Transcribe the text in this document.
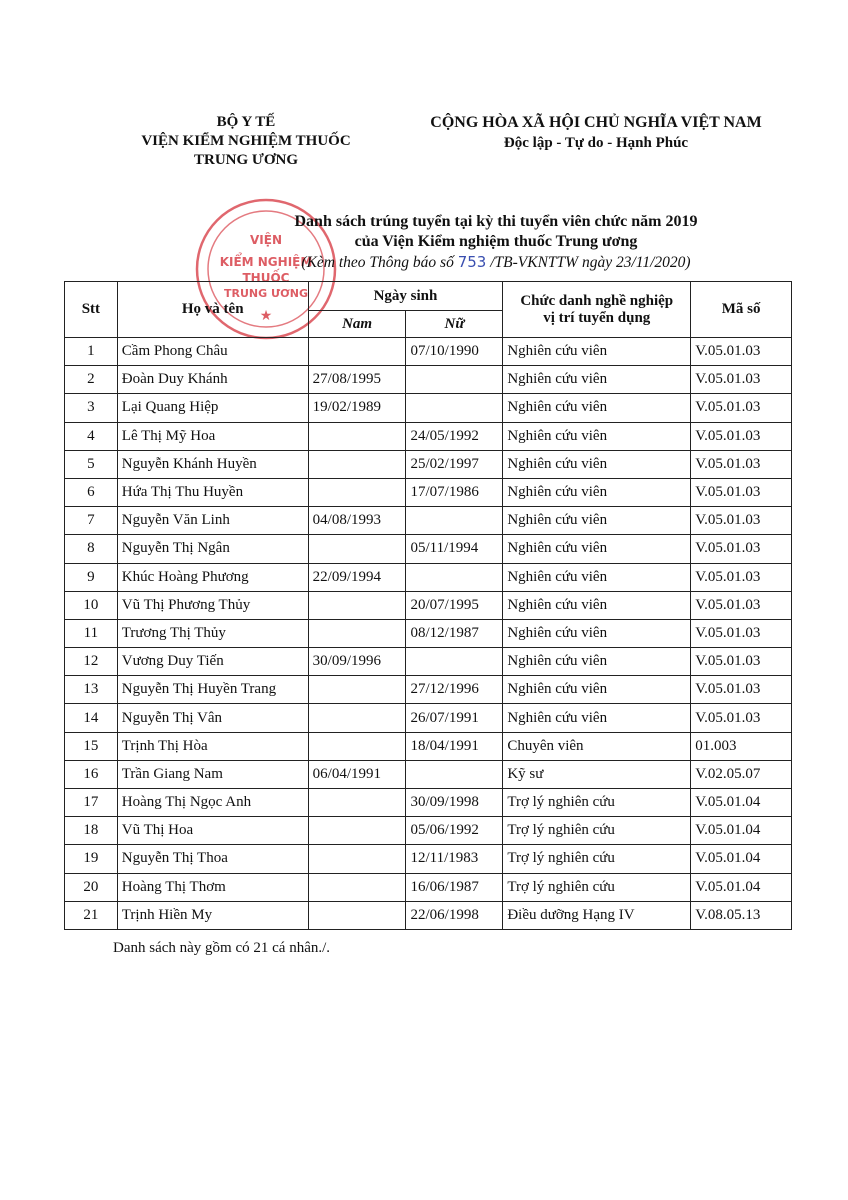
BỘ Y TẾ
VIỆN KIỂM NGHIỆM THUỐC
TRUNG ƯƠNG
CỘNG HÒA XÃ HỘI CHỦ NGHĨA VIỆT NAM
Độc lập - Tự do - Hạnh Phúc
VIỆN
KIỂM NGHIỆM
THUỐC
TRUNG ƯƠNG
★
Danh sách trúng tuyển tại kỳ thi tuyển viên chức năm 2019
của Viện Kiểm nghiệm thuốc Trung ương
(Kèm theo Thông báo số 753 /TB-VKNTTW ngày 23/11/2020)
Stt	Họ và tên	Ngày sinh		Chức danh nghề nghiệp
vị trí tuyển dụng	Mã số
		Nam	Nữ		
1	Cầm Phong Châu		07/10/1990	Nghiên cứu viên	V.05.01.03
2	Đoàn Duy Khánh	27/08/1995		Nghiên cứu viên	V.05.01.03
3	Lại Quang Hiệp	19/02/1989		Nghiên cứu viên	V.05.01.03
4	Lê Thị Mỹ Hoa		24/05/1992	Nghiên cứu viên	V.05.01.03
5	Nguyễn Khánh Huyền		25/02/1997	Nghiên cứu viên	V.05.01.03
6	Hứa Thị Thu Huyền		17/07/1986	Nghiên cứu viên	V.05.01.03
7	Nguyễn Văn Linh	04/08/1993		Nghiên cứu viên	V.05.01.03
8	Nguyễn Thị Ngân		05/11/1994	Nghiên cứu viên	V.05.01.03
9	Khúc Hoàng Phương	22/09/1994		Nghiên cứu viên	V.05.01.03
10	Vũ Thị Phương Thủy		20/07/1995	Nghiên cứu viên	V.05.01.03
11	Trương Thị Thủy		08/12/1987	Nghiên cứu viên	V.05.01.03
12	Vương Duy Tiến	30/09/1996		Nghiên cứu viên	V.05.01.03
13	Nguyễn Thị Huyền Trang		27/12/1996	Nghiên cứu viên	V.05.01.03
14	Nguyễn Thị Vân		26/07/1991	Nghiên cứu viên	V.05.01.03
15	Trịnh Thị Hòa		18/04/1991	Chuyên viên	01.003
16	Trần Giang Nam	06/04/1991		Kỹ sư	V.02.05.07
17	Hoàng Thị Ngọc Anh		30/09/1998	Trợ lý nghiên cứu	V.05.01.04
18	Vũ Thị Hoa		05/06/1992	Trợ lý nghiên cứu	V.05.01.04
19	Nguyễn Thị Thoa		12/11/1983	Trợ lý nghiên cứu	V.05.01.04
20	Hoàng Thị Thơm		16/06/1987	Trợ lý nghiên cứu	V.05.01.04
21	Trịnh Hiền My		22/06/1998	Điều dưỡng Hạng IV	V.08.05.13
Danh sách này gồm có 21 cá nhân./.
